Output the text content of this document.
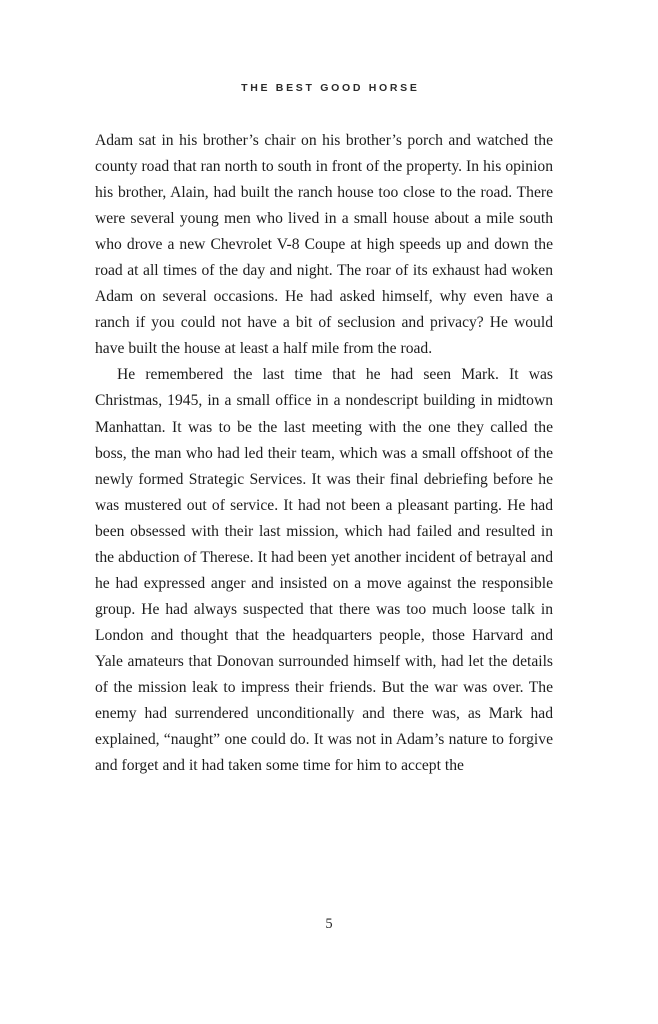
THE BEST GOOD HORSE

Adam sat in his brother’s chair on his brother’s porch and watched the county road that ran north to south in front of the property. In his opinion his brother, Alain, had built the ranch house too close to the road. There were several young men who lived in a small house about a mile south who drove a new Chevrolet V-8 Coupe at high speeds up and down the road at all times of the day and night. The roar of its exhaust had woken Adam on several occasions. He had asked himself, why even have a ranch if you could not have a bit of seclusion and privacy? He would have built the house at least a half mile from the road.

He remembered the last time that he had seen Mark. It was Christmas, 1945, in a small office in a nondescript building in midtown Manhattan. It was to be the last meeting with the one they called the boss, the man who had led their team, which was a small offshoot of the newly formed Strategic Services. It was their final debriefing before he was mustered out of service. It had not been a pleasant parting. He had been obsessed with their last mission, which had failed and resulted in the abduction of Therese. It had been yet another incident of betrayal and he had expressed anger and insisted on a move against the responsible group. He had always suspected that there was too much loose talk in London and thought that the headquarters people, those Harvard and Yale amateurs that Donovan surrounded himself with, had let the details of the mission leak to impress their friends. But the war was over. The enemy had surrendered unconditionally and there was, as Mark had explained, “naught” one could do. It was not in Adam’s nature to forgive and forget and it had taken some time for him to accept the

5
